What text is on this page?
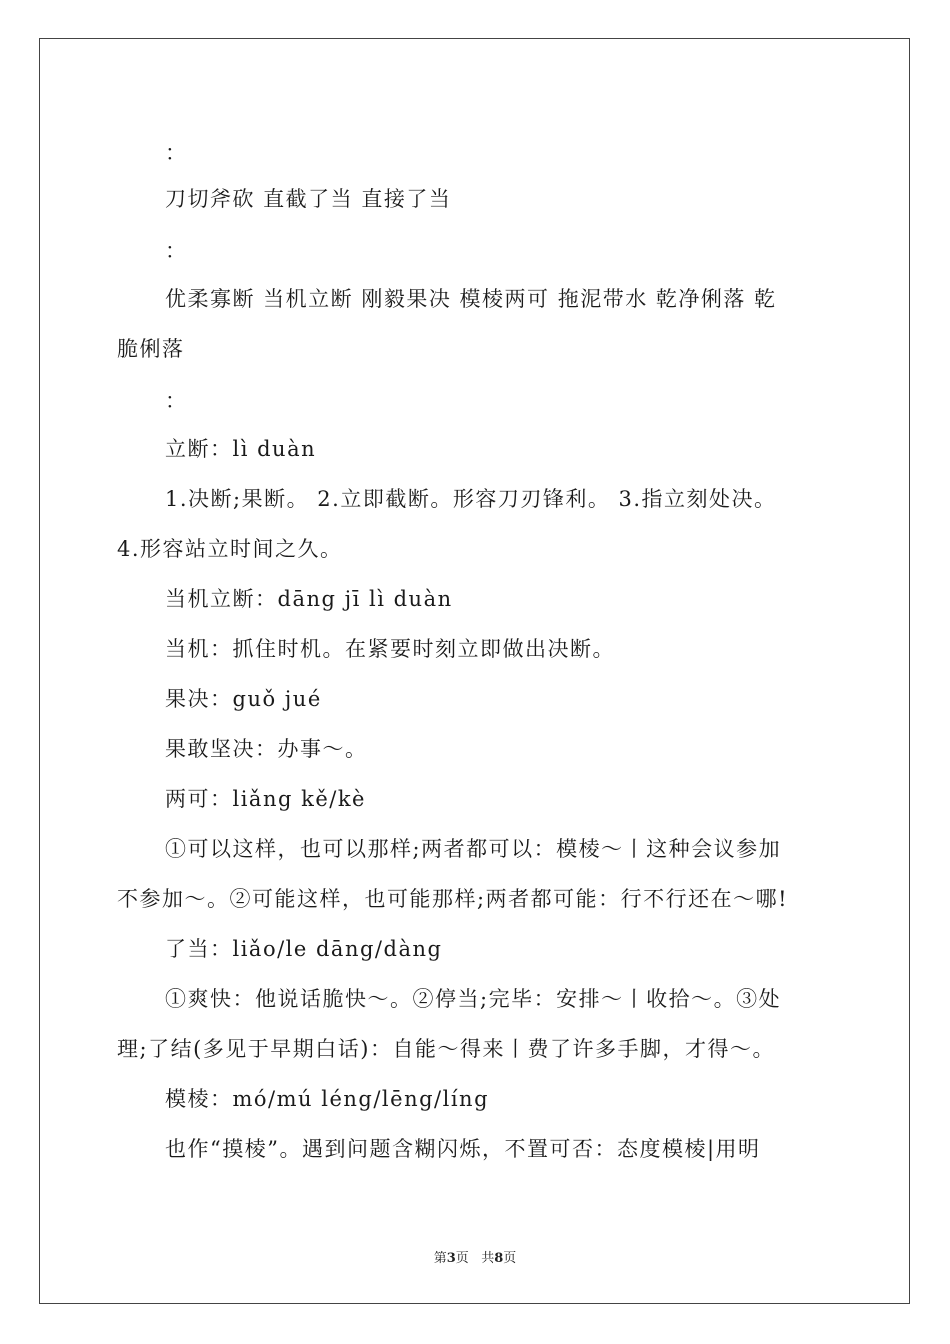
：
刀切斧砍 直截了当 直接了当
：
优柔寡断 当机立断 刚毅果决 模棱两可 拖泥带水 乾净俐落 乾
脆俐落
：
立断：lì duàn
1.决断;果断。 2.立即截断。形容刀刃锋利。 3.指立刻处决。
4.形容站立时间之久。
当机立断：dāng jī lì duàn
当机：抓住时机。在紧要时刻立即做出决断。
果决：guǒ jué
果敢坚决：办事～。
两可：liǎng kě/kè
①可以这样，也可以那样;两者都可以：模棱～丨这种会议参加
不参加～。②可能这样，也可能那样;两者都可能：行不行还在～哪!
了当：liǎo/le dāng/dàng
①爽快：他说话脆快～。②停当;完毕：安排～丨收拾～。③处
理;了结(多见于早期白话)：自能～得来丨费了许多手脚，才得～。
模棱：mó/mú léng/lēng/líng
也作“摸棱”。遇到问题含糊闪烁，不置可否：态度模棱|用明
第3页 共8页
